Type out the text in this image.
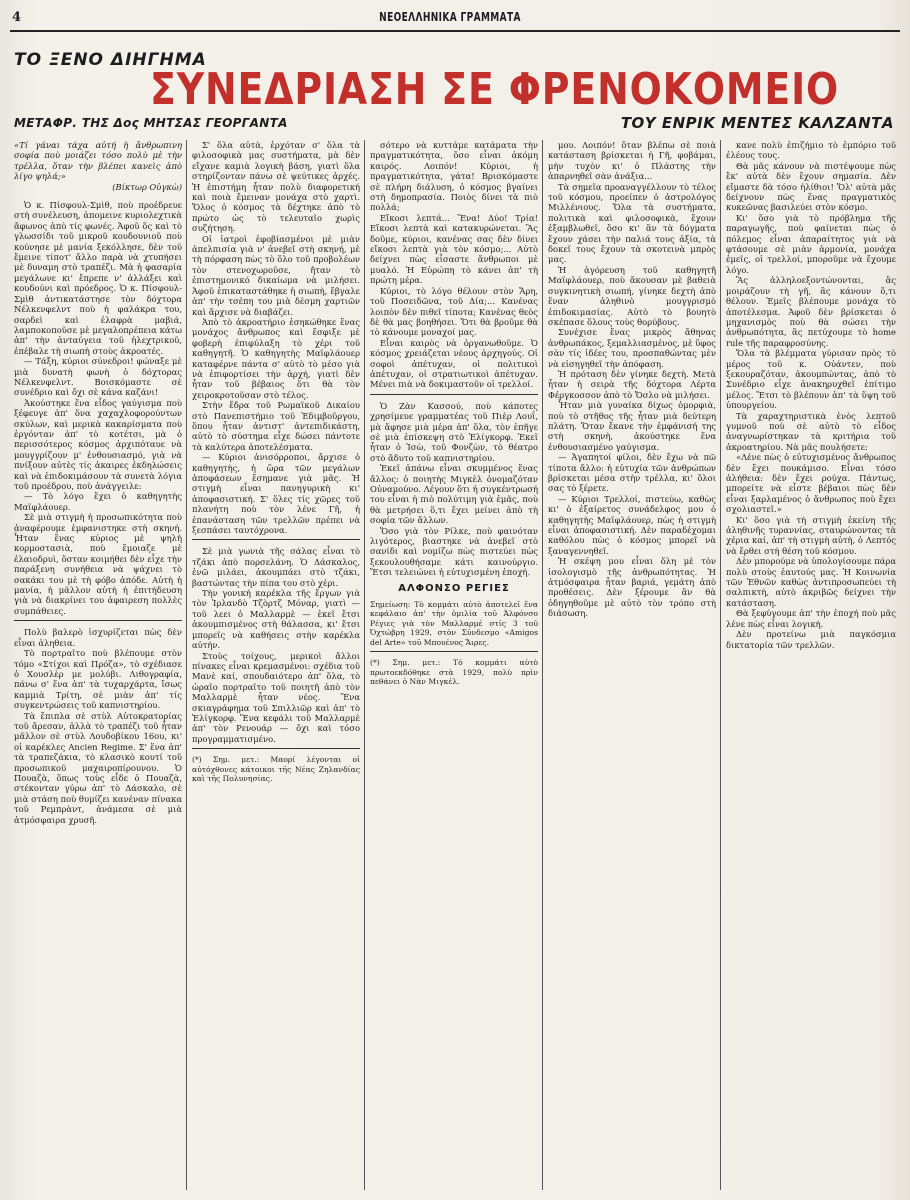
4	ΝΕΟΕΛΛΗΝΙΚΑ ΓΡΑΜΜΑΤΑ
ΤΟ ΞΕΝΟ ΔΙΗΓΗΜΑ
ΣΥΝΕΔΡΙΑΣΗ ΣΕ ΦΡΕΝΟΚΟΜΕΙΟ
ΜΕΤΑΦΡ. ΤΗΣ Δος ΜΗΤΣΑΣ ΓΕΟΡΓΑΝΤΑ	ΤΟΥ ΕΝΡΙΚ ΜΕΝΤΕΣ ΚΑΛΖΑΝΤΑ

«Τί γάναι τάχα αὐτή ἡ ἄνθρωπινη σοφία ποὺ μοιάζει τόσο πολὺ μὲ τὴν τρέλλα, ὅταν τὴν βλέπει κανεὶς ἀπὸ λίγο ψηλά;»

(Βίκτωρ Οὐγκὼ)

Ὁ κ. Πίσφουλ-Σμὶθ, ποὺ προέδρευε στὴ συνέλευση, ἀπομεινε κυριολεχτικὰ ἄφωνος ἀπὸ τίς φωνές. Ἀφοῦ ὅς καὶ τὸ γλωσσίδι τοῦ μικροῦ κουδουνιοῦ ποὺ κούνησε μὲ μανία ξεκόλλησε, δὲν τοῦ ἔμεινε τίποτ' ἄλλο παρὰ νὰ χτυπήσει μὲ δυναμη στὸ τραπέζι. Μὰ ἡ φασαρία μεγάλωνε κι' ἔπρεπε ν' ἀλλάξει καὶ κουδούνι καὶ πρόεδρος. Ὁ κ. Πίσφουλ-Σμὶθ ἀντικατάστησε τὸν δόχτορα Νέλκενφελντ ποὺ ἡ φαλάκρα του, σαρδεὶ καὶ ἐλαφρὰ μαβιά, λαμποκοποῦσε μὲ μεγαλοπρέπεια κάτω ἀπ' τὴν ἀνταύγεια τοῦ ἠλεχτρικοῦ, ἐπέβαλε τὴ σιωπὴ στοὺς ἀκροατές.

— Τάξη, κύριοι σύνεδροι! φώναξε μὲ μιὰ δυνατὴ φωνὴ ὁ δόχτορας Νέλκενφελντ. Βοισκόμαστε σὲ συνέδριο καὶ ὄχι σὲ κάνα καζάνι!

Ἀκούστηκε ἕνα εἶδος γαύγισμα ποὺ ξέφευγε ἀπ' ὅνα χαχαχλοφορούντων σκύλων, καὶ μερικὰ κακαρίσματα ποὺ ἐργόνταν ἀπ' τὸ κοτέτσι, μὰ ὁ περισσότερος κόσμος ἀρχιπόταυε νὰ μουγγρίζουν μ' ἐνθουσιασμό, γιὰ νὰ πνίξουν αὐτὲς τίς ἀκαιρες ἐκδηλώσεις καὶ νὰ ἐπιδοκιμάσουν τὰ συνετὰ λόγια τοῦ προέδρου, ποὺ ἀνάγγειλε:

— Τὸ λόγο ἔχει ὁ καθηγητὴς Μαϊφλάουερ.

Σὲ μιὰ στιγμὴ ἡ προσωπικότητα ποὺ ἀναφέρουμε ἐμφανιστηκε στὴ σκηνή. Ἦταν ἕνας κύριος μὲ ψηλὴ κορμοστασιὰ, ποὺ ἔμοιαζε μὲ ἐλαιοδρυὶ, ὅσταν κοιμήθει δὲν εἶχε τὴν παράξενη συνήθεια νὰ ψάχνει τὸ σακάκι του μὲ τὴ φόβο ἀπόδε. Αὐτὴ ἡ μανία, ἡ μᾶλλον αὐτὴ ἡ ἐπιτήδευση γιὰ νὰ διακρίνει του ἀφαιρεση πολλὲς συμπάθειες.

Πολὺ βαλερὸ ἰσχυρίζεται πὼς δὲν εἶναι ἀληθεια.

Τὸ πορτραῖτο ποὺ βλέπουμε στὸν τόμο «Στίχοι καὶ Πρόζα», τὸ σχέδιασε ὁ Χουσλὲρ με μολύβι. Λιθογραφία, πάνω σ' ἕνα ἀπ' τὰ τυχαρχάρτα, ἴσως καμμιὰ Τρίτη, σὲ μιὰν ἀπ' τίς συγκεντρώσεις τοῦ καπνιστηρίου.

Τὰ ἔπιπλα σὲ στὺλ Αὐτοκρατορίας τοῦ ἄρεσαν, ἀλλὰ τὸ τραπέζι τοῦ ἦταν μᾶλλον σὲ στὺλ Λουδοβίκου 16ου, κι' οἱ καρέκλες Ancien Regime. Σ' ἕνα ἀπ' τὰ τραπεζάκια, τὸ κλασικὸ κουτί τοῦ προσωπικοῦ μαχαιροπίρουνου. Ὁ Πουαζὰ, ὅπως τοὺς εἶδε ὁ Πουαζὰ, στέκονταν γύρω ἀπ' τὸ Δάσκαλο, σὲ μιὰ στάση ποὺ θυμίζει κανέναν πίνακα τοῦ Ρεμπρὰντ, ἀνάμεσα σὲ μιὰ ἀτμόσφαιρα χρυσῆ.

Σ' ὅλα αὐτὰ, ἐρχόταν σ' ὅλα τὰ φιλοσοφικὰ μας συστήματα, μὰ δὲν εἴχανε καμιὰ λογικὴ βάση, γιατὶ ὅλα στηρίζονταν πάνω σὲ ψεύτικες ἀρχές. Ἡ ἐπιστήμη ἦταν πολὺ διαφορετική καὶ ποιὰ ἔμειναν μονάχα στὸ χαρτὶ. Ὅλος ὁ κόσμος τὰ δέχτηκε ἀπὸ τὸ πρώτο ὡς τὸ τελευταῖο χωρὶς συζήτηση.

Οἱ ἰατροὶ ἐφοβίασμένοι μὲ μιὰν ἀπελπισία γιὰ ν' ἀνεβεῖ στὴ σκηνή, μὲ τὴ πόρφαση πὼς τὸ ὅλο τοῦ προβολέων τὸν στενοχωροῦσε, ἤταν τὸ ἐπιστημονικό δικαίωμα νὰ μιλήσει. Ἀφοῦ ἐπικαταστάθηκε ἡ σιωπὴ, ἔβγαλε ἀπ' τὴν τσέπη του μιὰ δέσμη χαρτιῶν καὶ ἄρχισε νὰ διαβάζει.

Ἀπὸ τὸ ἀκροατήριο ἐσηκώθηκε ἕνας μονάχος ἄνθρωπος καὶ ἔσφιξε μὲ φοβερὴ ἐπιφύλαξη τὸ χέρι τοῦ καθηγητῆ. Ὁ καθηγητὴς Μαϊφλάουερ καταφέρνε πάντα σ' αὐτὸ τὸ μέσο γιὰ νὰ ἐπιφορτίσει τὴν ἀρχή, γιατὶ δὲν ἦταν τοῦ βέβαιος ὅτι θὰ τὸν χειροκροτοῦσαν στὸ τέλος.

Στὴν ἔδρα τοῦ Ρωμαϊκοῦ Δικαίου στὸ Πανεπιστήμιο τοῦ Ἐδιμβοῦργου, ὅπου ἦταν ἀντιστ' ἀντεπιδικάστη, αὐτὸ τὸ σύστημα εἶχε δώσει πάντοτε τὰ καλύτερα ἀποτελέσματα.

— Κύριοι ἀνισόρροποι, ἄρχισε ὁ καθηγητὴς, ἡ ὥρα τῶν μεγάλων ἀποφάσεων ἔσημανε γιὰ μᾶς. Ἡ στιγμὴ εἶναι πανηγυρικὴ κι' ἀποφασιστική. Σ' ὅλες τίς χῶρες τοῦ πλανήτη ποὺ τὸν λένε Γῆ, ἡ ἐπανάσταση τῶν τρελλῶν πρέπει νὰ ξεσπάσει ταυτόχρονα.

Σὲ μιὰ γωνιὰ τῆς σάλας εἶναι τὸ τζάκι ἀπὸ πορσελάνη. Ὁ Δάσκαλος, ἐνῶ μιλάει, ἀκουμπάει στὸ τζάκι, βαστώντας τὴν πίπα του στὸ χέρι.

Τὴν γονική καρέκλα τῆς ἔργων γιὰ τὸν Ἰρλανδὸ Τζὸρτζ Μόναρ, γιατὶ — τοῦ λεει ὁ Μαλλαρμὲ — ἐκεῖ ἔτσι ἀκουμπισμένος στὴ θάλασσα, κι' ἔτσι μπορεῖς νὰ καθήσεις στὴν καρέκλα αὐτήν.

Στοὺς τοίχους, μερικοὶ ἄλλοι πίνακες εἶναι κρεμασμένοι: σχέδια τοῦ Μανὲ καί, σπουδαιότερο ἀπ' ὅλα, τὸ ὡραῖο πορτραῖτο τοῦ ποιητῆ ἀπὸ τὸν Μαλλαρμὲ ἦταν νέος. Ἕνα σκιαγράφημα τοῦ Σπιλλιῶρ καὶ ἀπ' τὸ Ἐλίγκορφ. Ἕνα κεφάλι τοῦ Μαλλαρμὲ ἀπ' τὸν Ρενουάρ — ὄχι καὶ τόσο προγραμματισμένο.

(*) Σημ. μετ.: Μαορί λέγονται οἱ αὐτόχθονες κάτοικοι τῆς Νέας Ζηλανδίας καὶ τῆς Πολυνησίας.

σότερο νὰ κυττάμε κατάματα τὴν πραγματικότητα, ὅσο εἶναι ἀκόμη καιρός. Λοιπόν! Κύριοι, ἡ πραγματικότητα, γάτα! Βρισκόμαστε σὲ πλήρη διάλυση, ὁ κόσμος βγαίνει στὴ δημοπρασία. Ποιὸς δίνει τὰ πιὸ πολλά;

Εἴκοσι λεπτά... Ἕνα! Δύο! Τρία! Εἴκοσι λεπτὰ καὶ κατακυρώνεται. Ἂς δοῦμε, κύριοι, κανένας σας δὲν δίνει εἴκοσι λεπτὰ γιὰ τὸν κόσμο;... Αὐτὸ δείχνει πὼς εἶσαστε ἄνθρωποι μὲ μυαλό. Ἡ Εὐρώπη τὸ κάνει ἀπ' τὴ πρώτη μέρα.

Κύριοι, τὸ λόγο θέλουν στὸν Ἄρη, τοῦ Ποσειδῶνα, τοῦ Δία;... Κανένας λοιπὸν δὲν πιθεῖ τίποτα; Κανένας θεὸς δὲ θὰ μας βοηθήσει. Ὅτι θὰ βροῦμε θὰ τὸ κάνουμε μοναχοί μας.

Εἶναι καιρὸς νὰ ὀργανωθοῦμε. Ὁ κόσμος χρειάζεται νέους ἀρχηγούς. Οἱ σοφοὶ ἀπέτυχαν, οἱ πολιτικοὶ ἀπέτυχαν, οἱ στρατιωτικοὶ ἀπέτυχαν. Μένει πιὰ νὰ δοκιμαστοῦν οἱ τρελλοί.

Ὁ Ζὰν Κασσού, ποὺ κάποτες χρησίμευε γραμματέας τοῦ Πιὲρ Λουΐ, μὰ ἄφησε μιὰ μέρα ἀπ' ὅλα, τὸν ἐπῆγε σὲ μιὰ ἐπίσκεψη στὸ Ἐλίγκορφ. Ἐκεῖ ἦταν ὁ Ἰσὼ, τοῦ Φονζὼν, τὸ θέατρο στὸ ἄδυτο τοῦ καπνιστηρίου.

Ἐκεῖ ἀπάνω εἶναι σκυμμένος ἕνας ἄλλος: ὁ ποιητὴς Μιγκὲλ ὀνομαζόταν Οὐναμούνο. Λέγουν ὅτι ἡ συγκέντρωσή του εἶναι ἡ πιὸ πολύτιμη γιὰ ἐμᾶς, ποὺ θὰ μετρήσει ὅ,τι ἔχει μείνει ἀπὸ τὴ σοφία τῶν ἄλλων.

Ὅσο γιὰ τὸν Ρίλκε, ποὺ φαινόταν λιγότερος, βιαστηκε νὰ ἀνεβεῖ στὸ σανίδι καὶ νομίζω πὼς πιστεύει πὼς ξεκουλουθήσαμε κάτι καινούργιο. Ἔτσι τελειώνει ἡ εὐτυχισμένη ἐποχή.

ΑΛΦΟΝΣΟ ΡΕΓΙΕΣ

Σημείωση: Τὸ κομμάτι αὐτὸ ἀποτελεῖ ἕνα κεφάλαιο ἀπ' τὴν ὁμιλία τοῦ Ἀλφόνσο Ρέγιες γιὰ τὸν Μαλλαρμέ στίς 3 τοῦ Ὀχτώβρη 1929, στὸν Σύνδεσμο «Amigos del Arte» τοῦ Μπουένος Ἄιρες.

(*) Σημ. μετ.: Τὸ κομμάτι αὐτὸ πρωτοεκδόθηκε στὰ 1929, πολὺ πρὶν πεθάνει ὁ Νὰν Μιγκέλ.

μου. Λοιπόν! ὅταν βλέπω σὲ ποιὰ κατάσταση βρίσκεται ἡ Γῆ, φοβάμαι, μὴν τυχὸν κι' ὁ Πλάστης τὴν ἀπαρνηθεῖ σὰν ἀνάξια...

Τὰ σημεῖα προαναγγέλλουν τὸ τέλος τοῦ κόσμου, προείπεν ὁ ἀστρολόγος Μιλλένιους. Ὅλα τὰ συστήματα, πολιτικὰ καὶ φιλοσοφικὰ, ἔχουν ἐξαμβλωθεῖ, ὅσο κι' ἂν τὰ δόγματα ἔχουν χάσει τὴν παλιά τους ἀξία, τὰ δοκεῖ τους ἔχουν τὰ σκοτεινὰ μπρὸς μας.

Ἡ ἀγόρευση τοῦ καθηγητῆ Μαϊφλάουερ, ποὺ ἄκουσαν μὲ βαθειὰ συγκινητικὴ σιωπή, γίνηκε δεχτὴ ἀπὸ ἕναν ἀληθινὸ μουγγρισμὸ ἐπιδοκιμασίας. Αὐτὸ τὸ βουητὸ σκέπασε ὅλους τοὺς θορύβους.

Συνέχισε ἕνας μικρὸς ἄθηνας ἀνθρωπάκος, ξεμαλλιασμένος, μὲ ὕφος σὰν τίς ἰδέες του, προσπαθώντας μὲν νὰ εἰσηγηθεῖ τὴν ἀπόφαση.

Ἡ πρόταση δὲν γίνηκε δεχτὴ. Μετὰ ἦταν ἡ σειρὰ τῆς δόχτορα Λέρτα Φέργκοσσον ἀπὸ τὸ Ὄσλο νὰ μιλήσει.

Ἦταν μιὰ γυναίκα δίχως ὀμορφιὰ, ποὺ τὸ στῆθος τῆς ἦταν μιὰ δεύτερη πλάτη. Ὅταν ἔκανε τὴν ἐμφάνισή της στὴ σκηνὴ, ἀκούστηκε ἕνα ἐνθουσιασμένο γαύγισμα.

— Ἀγαπητοί φίλοι, δὲν ἔχω νὰ πῶ τίποτα ἄλλο: ἡ εὐτυχία τῶν ἀνθρώπων βρίσκεται μέσα στὴν τρέλλα, κι' ὅλοι σας τὸ ξέρετε.

— Κύριοι Τρελλοί, πιστεύω, καθὼς κι' ὁ ἐξαίρετος συνάδελφος μου ὁ καθηγητὴς Μαϊφλάουερ, πὼς ἡ στιγμὴ εἶναι ἀποφασιστική. Δὲν παραδέχομαι καθόλου πὼς ὁ κόσμος μπορεῖ νὰ ξαναγεννηθεῖ.

Ἡ σκέψη μου εἶναι ὅλη μὲ τὸν ἰσολογισμὸ τῆς ἀνθρωπότητας. Ἡ ἀτμόσφαιρα ἦταν βαριά, γεμάτη ἀπὸ προθέσεις. Δὲν ξέρουμε ἂν θὰ ὁδηγηθοῦμε μὲ αὐτὸ τὸν τρόπο στὴ διάσωση.

κανε πολὺ ἐπιζήμιο τὸ ἐμπόριο τοῦ ἐλέους τους.

Θὰ μᾶς κάνουν νὰ πιστέψουμε πὼς ἔκ' αὐτὰ δὲν ἔχουν σημασία. Δὲν εἴμαστε δὰ τόσο ἠλίθιοι! Ὅλ' αὐτὰ μᾶς δείχνουν πὼς ἕνας πραγματικὸς κυκεῶνας βασιλεύει στὸν κόσμο.

Κι' ὅσο γιὰ τὸ πρόβλημα τῆς παραγωγῆς, ποὺ φαίνεται πὼς ὁ πόλεμος εἶναι ἀπαραίτητος γιὰ νὰ φτάσουμε σὲ μιὰν ἀρμονία, μονάχα ἐμεῖς, οἱ τρελλοί, μποροῦμε νὰ ἔχουμε λόγο.

Ἂς ἀλληλοεξοντώνονται, ἂς μοιράζουν τὴ γῆ, ἂς κάνουν ὅ,τι θέλουν. Ἐμεῖς βλέπουμε μονάχα τὸ ἀποτέλεσμα. Ἀφοῦ δὲν βρίσκεται ὁ μηχανισμὸς ποὺ θὰ σώσει τὴν ἀνθρωπότητα, ἂς πετύχουμε τὸ home rule τῆς παραφροσύνης.

Ὅλα τὰ βλέμματα γύρισαν πρὸς τὸ μέρος τοῦ κ. Οὐάντεν, ποὺ ξεκουραζόταν, ἀκουμπώντας, ἀπὸ τὸ Συνέδριο εἶχε ἀνακηρυχθεῖ ἐπίτιμο μέλος. Ἔτσι τὸ βλέπουν ἀπ' τὰ ὕψη τοῦ ὑπουργείου.

Τὰ χαραχτηριστικὰ ἑνὸς λεπτοῦ γυμνοῦ ποὺ σὲ αὐτὸ τὸ εἶδος ἀναγνωρίστηκαν τὰ κριτήρια τοῦ ἀκροατηρίου. Νὰ μᾶς πουλήσετε:

«Λένε πὼς ὁ εὐτυχισμένος ἄνθρωπος δὲν ἔχει πουκάμισο. Εἶναι τόσο ἀλήθεια: δὲν ἔχει ρούχα. Πάντως, μπορείτε νὰ εἶστε βέβαιοι πὼς δὲν εἶναι ξαρλαμένος ὁ ἄνθρωπος ποὺ ἔχει σχολιαστεῖ.»

Κι' ὅσο γιὰ τὴ στιγμὴ ἐκείνη τῆς ἀληθινῆς τυραννίας, σταυρώνοντας τὰ χέρια καί, ἀπ' τὴ στιγμὴ αὐτὴ, ὁ Λεπτός νὰ ἔρθει στὴ θέση τοῦ κόσμου.

Δὲν μπορούμε νὰ ὑπολογίσουμε πάρα πολὺ στοὺς ἑαυτούς μας. Ἡ Κοινωνία τῶν Ἐθνῶν καθὼς ἀντιπροσωπεύει τὴ σαλπικτὴ, αὐτὸ ἀκριβῶς δείχνει τὴν κατάσταση.

Θὰ ξεφύγουμε ἀπ' τὴν ἐποχή ποὺ μᾶς λένε πὼς εἶναι λογική.

Δὲν προτείνω μιὰ παγκόσμια δικτατορία τῶν τρελλῶν.
